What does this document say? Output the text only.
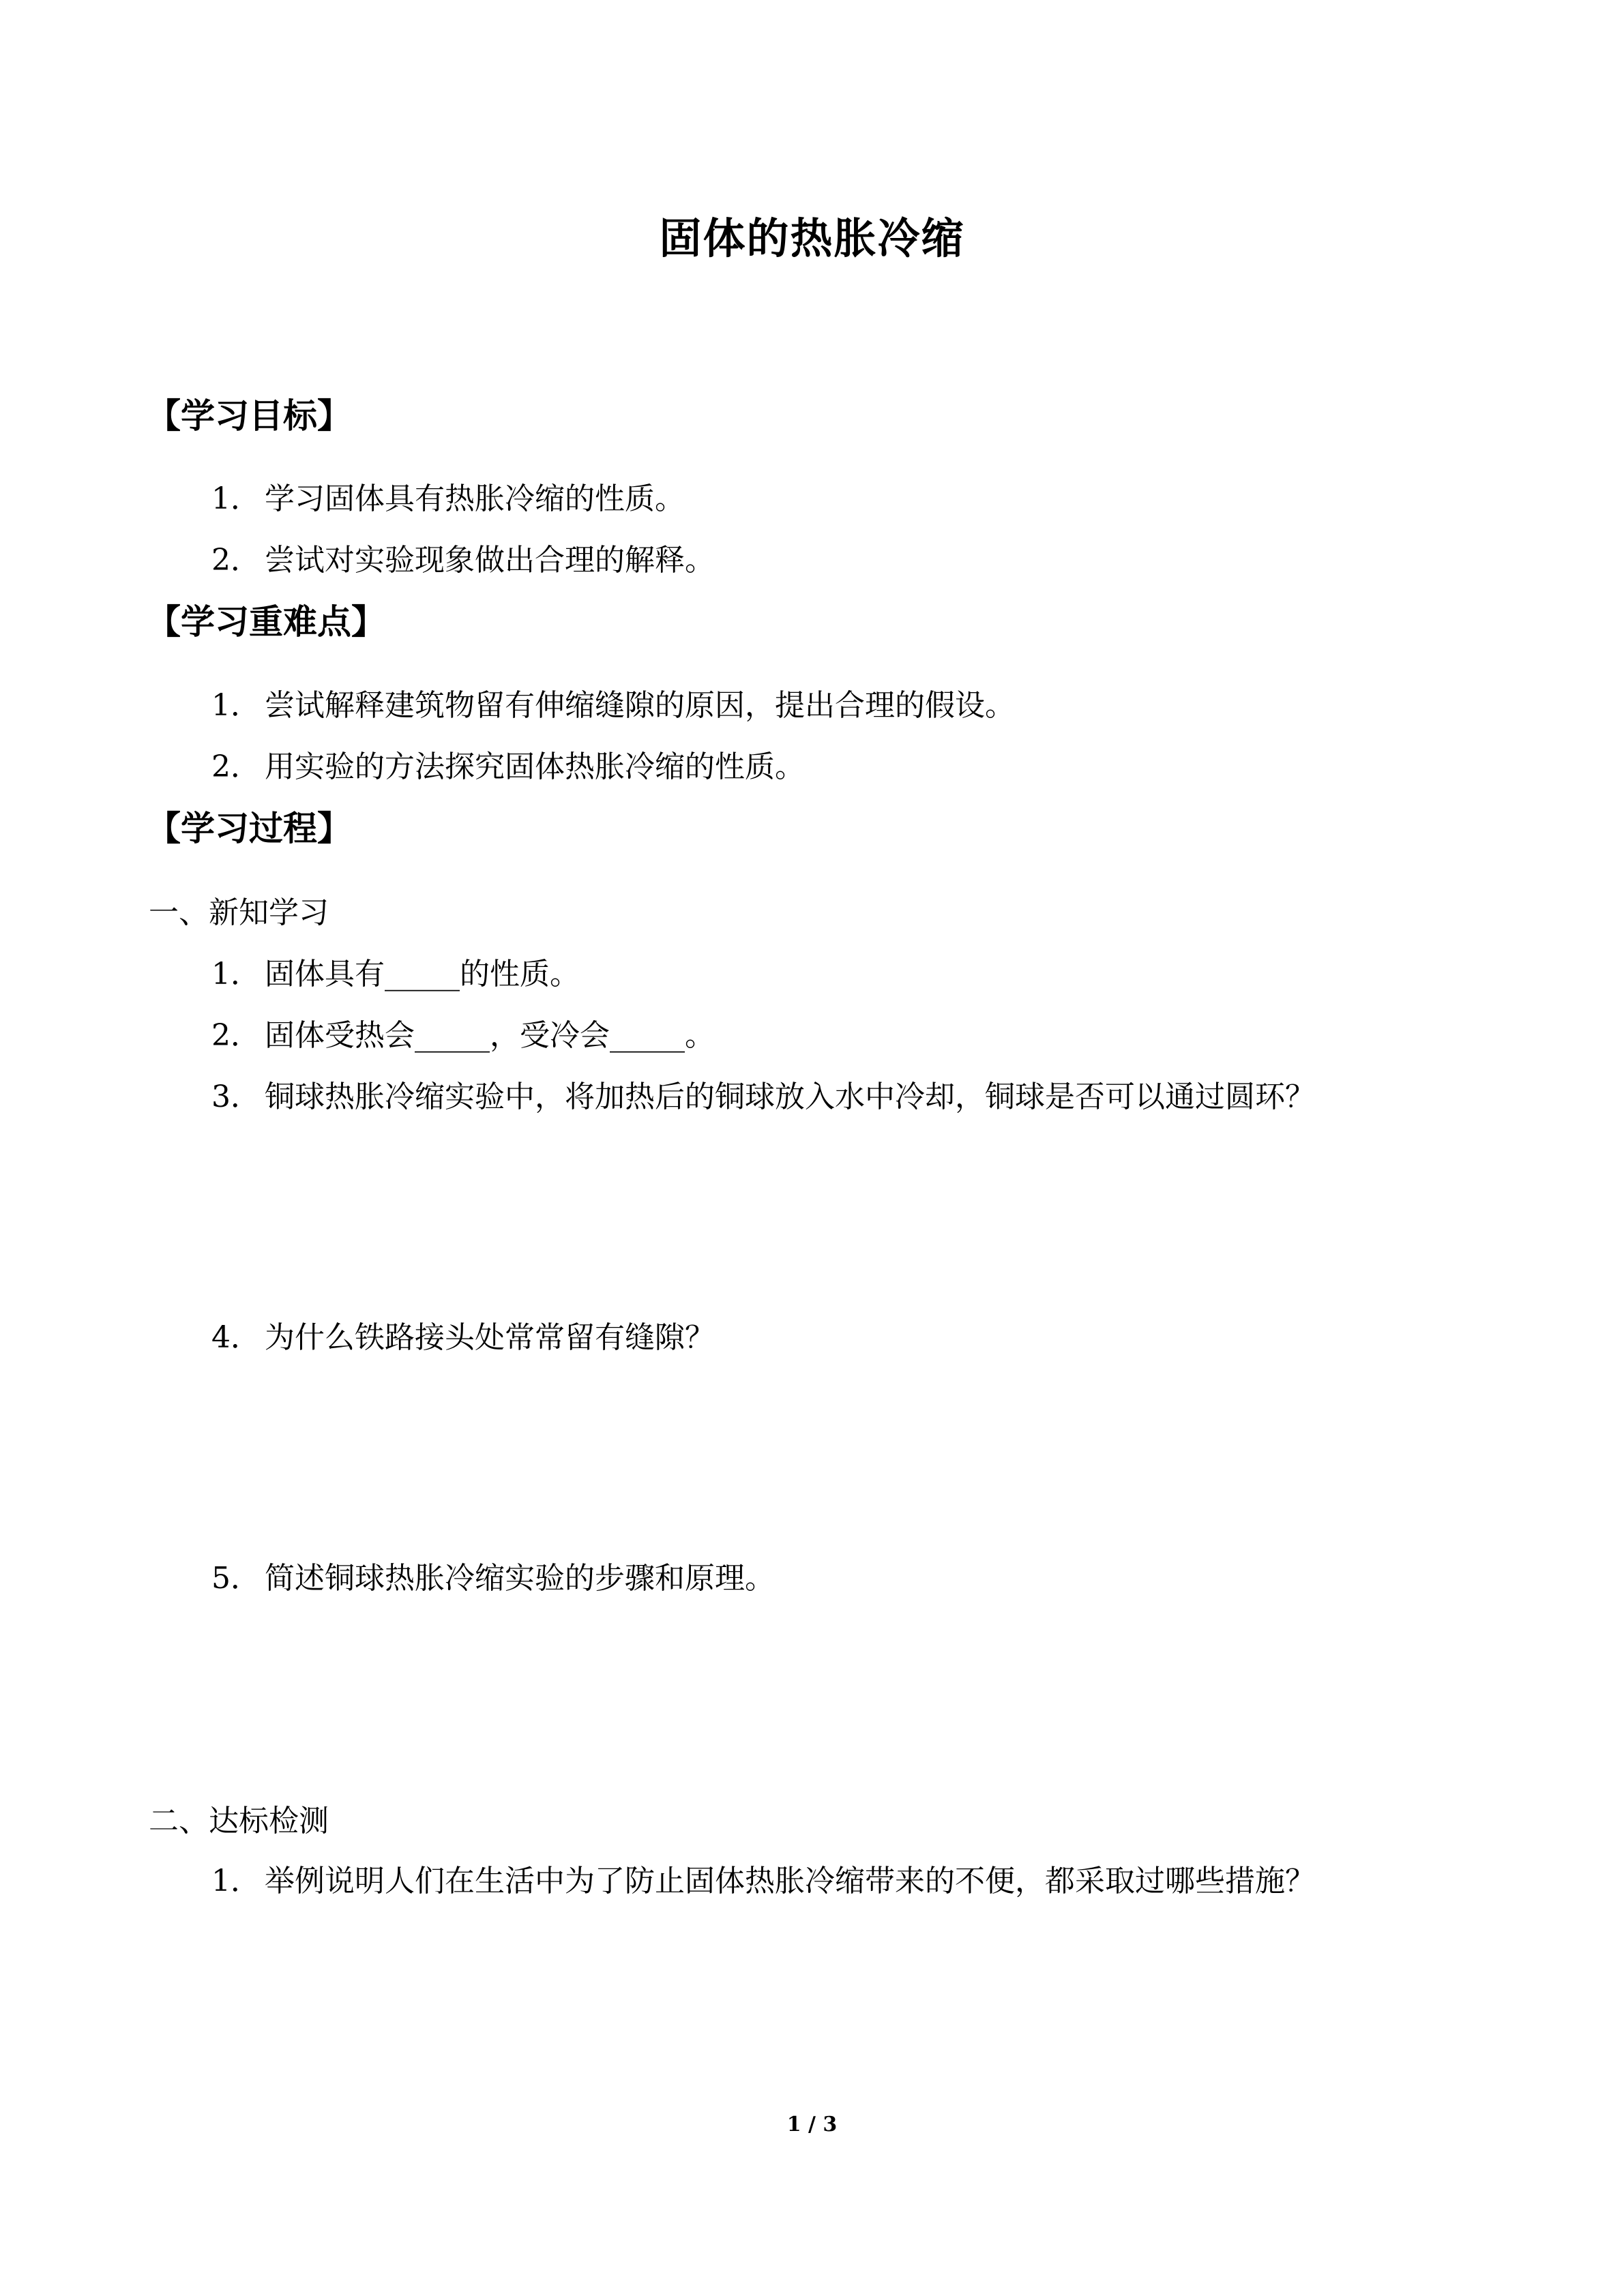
固体的热胀冷缩
【学习目标】
1． 学习固体具有热胀冷缩的性质。
2． 尝试对实验现象做出合理的解释。
【学习重难点】
1． 尝试解释建筑物留有伸缩缝隙的原因，提出合理的假设。
2． 用实验的方法探究固体热胀冷缩的性质。
【学习过程】
一、新知学习
1． 固体具有_____的性质。
2． 固体受热会_____，受冷会_____。
3． 铜球热胀冷缩实验中，将加热后的铜球放入水中冷却，铜球是否可以通过圆环？
4． 为什么铁路接头处常常留有缝隙？
5． 简述铜球热胀冷缩实验的步骤和原理。
二、达标检测
1． 举例说明人们在生活中为了防止固体热胀冷缩带来的不便，都采取过哪些措施？
1 / 3
